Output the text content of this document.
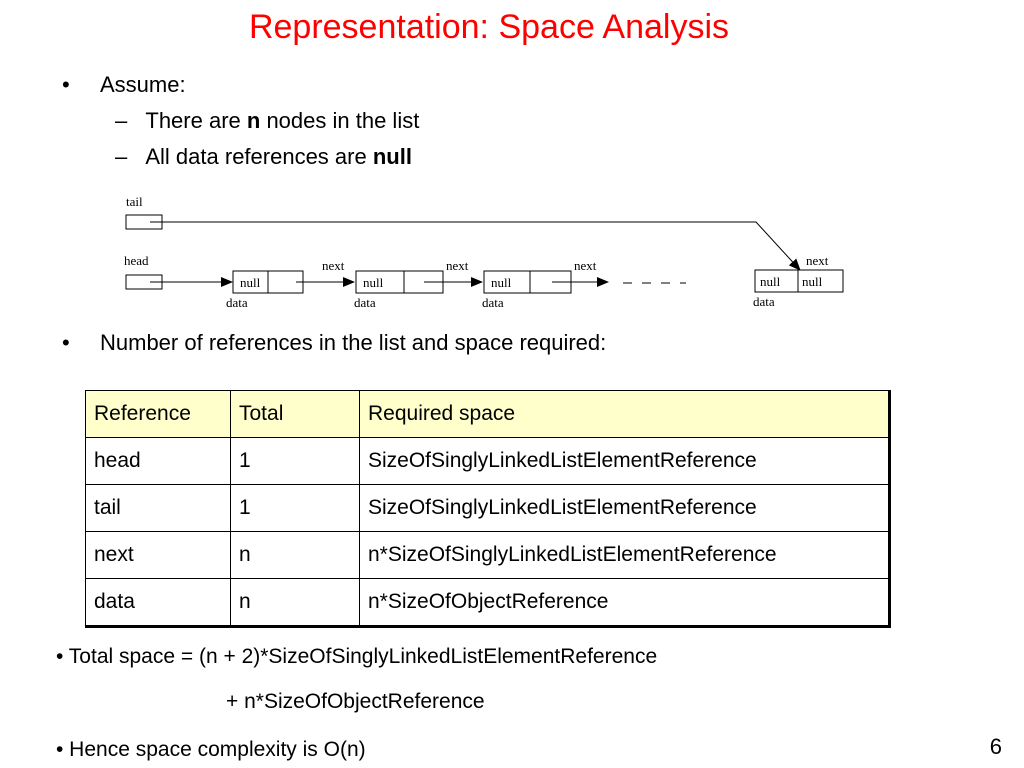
Representation: Space Analysis
• Assume:
– There are n nodes in the list
– All data references are null
tail
head
null
data
next
null
data
next
null
data
next
null null
data
next
• Number of references in the list and space required:
Reference	Total	Required space
head	1	SizeOfSinglyLinkedListElementReference
tail	1	SizeOfSinglyLinkedListElementReference
next	n	n*SizeOfSinglyLinkedListElementReference
data	n	n*SizeOfObjectReference
• Total space = (n + 2)*SizeOfSinglyLinkedListElementReference
+ n*SizeOfObjectReference
• Hence space complexity is O(n)	6
